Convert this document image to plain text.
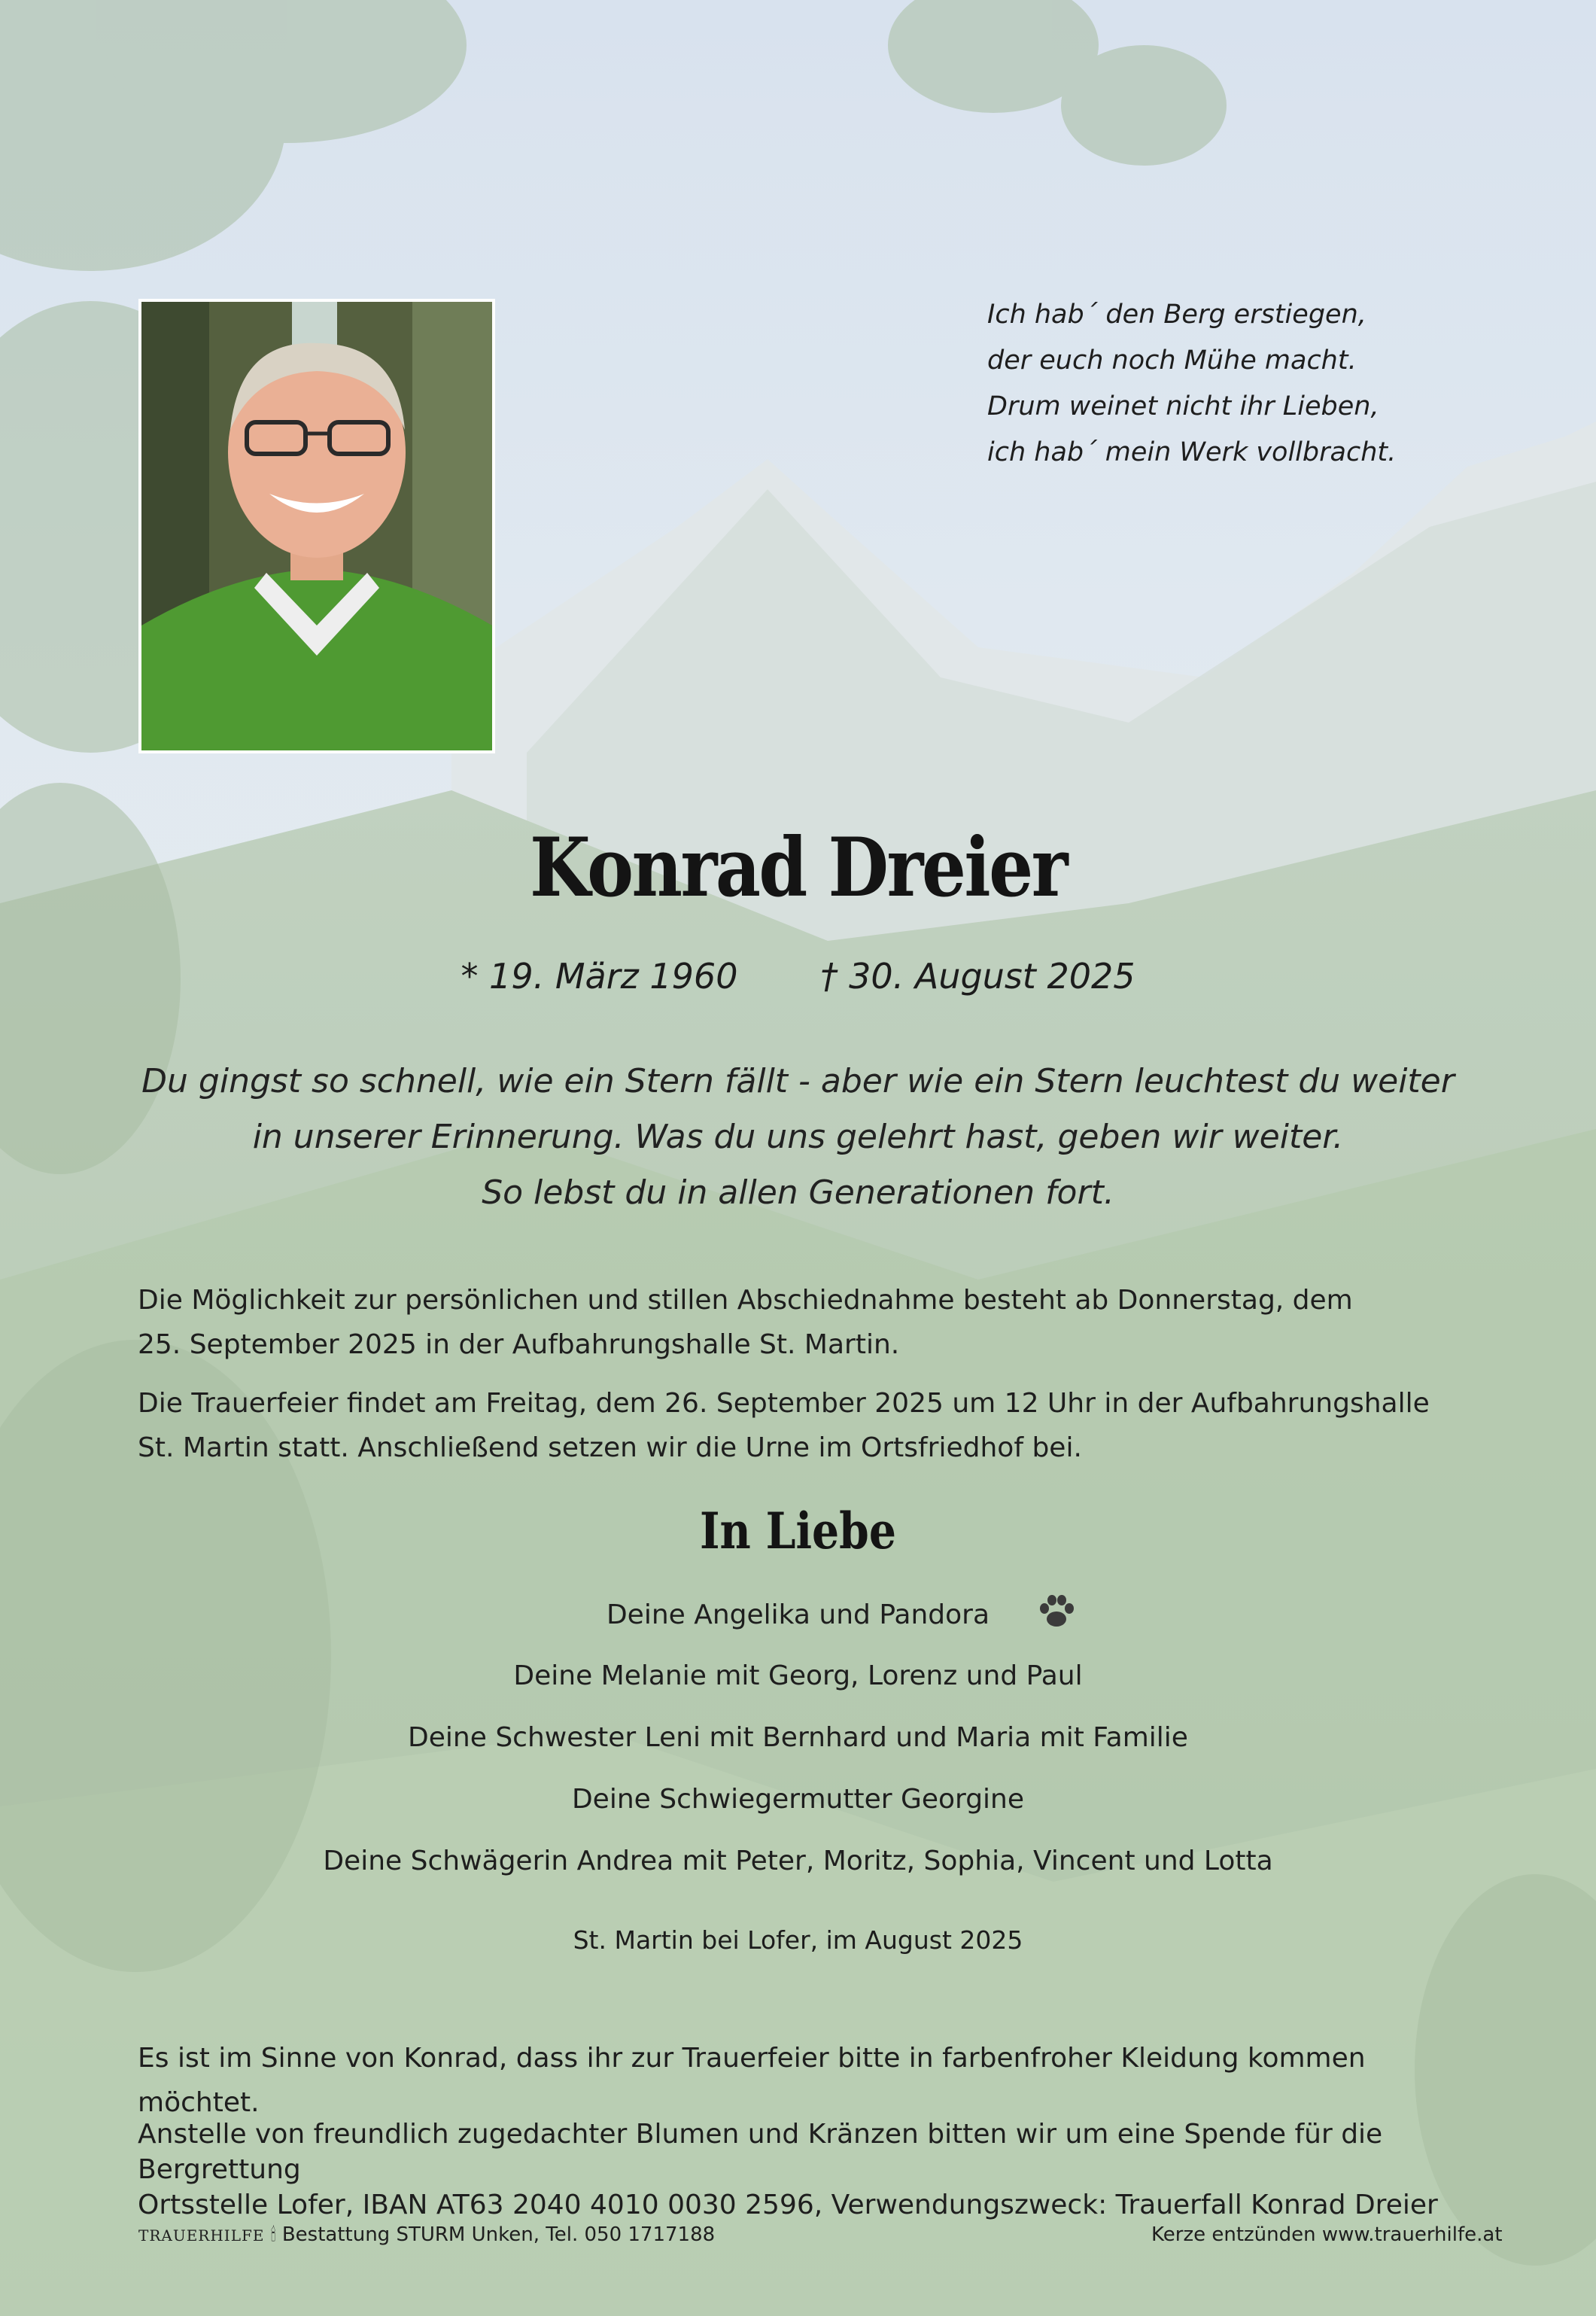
Ich hab´ den Berg erstiegen,
der euch noch Mühe macht.
Drum weinet nicht ihr Lieben,
ich hab´ mein Werk vollbracht.
Konrad Dreier
* 19. März 1960 † 30. August 2025
Du gingst so schnell, wie ein Stern fällt - aber wie ein Stern leuchtest du weiter
in unserer Erinnerung. Was du uns gelehrt hast, geben wir weiter.
So lebst du in allen Generationen fort.
Die Möglichkeit zur persönlichen und stillen Abschiednahme besteht ab Donnerstag, dem
25. September 2025 in der Aufbahrungshalle St. Martin.
Die Trauerfeier findet am Freitag, dem 26. September 2025 um 12 Uhr in der Aufbahrungshalle
St. Martin statt. Anschließend setzen wir die Urne im Ortsfriedhof bei.
In Liebe
Deine Angelika und Pandora
Deine Melanie mit Georg, Lorenz und Paul
Deine Schwester Leni mit Bernhard und Maria mit Familie
Deine Schwiegermutter Georgine
Deine Schwägerin Andrea mit Peter, Moritz, Sophia, Vincent und Lotta
St. Martin bei Lofer, im August 2025
Es ist im Sinne von Konrad, dass ihr zur Trauerfeier bitte in farbenfroher Kleidung kommen möchtet.
Anstelle von freundlich zugedachter Blumen und Kränzen bitten wir um eine Spende für die Bergrettung
Ortsstelle Lofer, IBAN AT63 2040 4010 0030 2596, Verwendungszweck: Trauerfall Konrad Dreier
TRAUERHILFE 🕯︎ Bestattung STURM Unken, Tel. 050 1717188	Kerze entzünden www.trauerhilfe.at
